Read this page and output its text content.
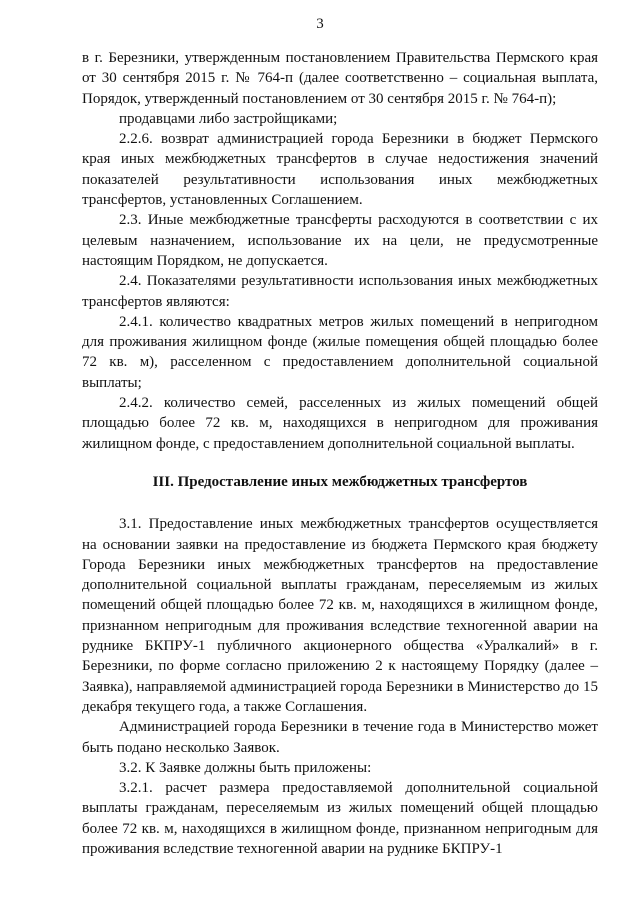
3

в г. Березники, утвержденным постановлением Правительства Пермского края от 30 сентября 2015 г. № 764-п (далее соответственно – социальная выплата, Порядок, утвержденный постановлением от 30 сентября 2015 г. № 764-п);

продавцами либо застройщиками;

2.2.6. возврат администрацией города Березники в бюджет Пермского края иных межбюджетных трансфертов в случае недостижения значений показателей результативности использования иных межбюджетных трансфертов, установленных Соглашением.

2.3. Иные межбюджетные трансферты расходуются в соответствии с их целевым назначением, использование их на цели, не предусмотренные настоящим Порядком, не допускается.

2.4. Показателями результативности использования иных межбюджетных трансфертов являются:

2.4.1. количество квадратных метров жилых помещений в непригодном для проживания жилищном фонде (жилые помещения общей площадью более 72 кв. м), расселенном с предоставлением дополнительной социальной выплаты;

2.4.2. количество семей, расселенных из жилых помещений общей площадью более 72 кв. м, находящихся в непригодном для проживания жилищном фонде, с предоставлением дополнительной социальной выплаты.

III. Предоставление иных межбюджетных трансфертов

3.1. Предоставление иных межбюджетных трансфертов осуществляется на основании заявки на предоставление из бюджета Пермского края бюджету Города Березники иных межбюджетных трансфертов на предоставление дополнительной социальной выплаты гражданам, переселяемым из жилых помещений общей площадью более 72 кв. м, находящихся в жилищном фонде, признанном непригодным для проживания вследствие техногенной аварии на руднике БКПРУ-1 публичного акционерного общества «Уралкалий» в г. Березники, по форме согласно приложению 2 к настоящему Порядку (далее – Заявка), направляемой администрацией города Березники в Министерство до 15 декабря текущего года, а также Соглашения.

Администрацией города Березники в течение года в Министерство может быть подано несколько Заявок.

3.2. К Заявке должны быть приложены:

3.2.1. расчет размера предоставляемой дополнительной социальной выплаты гражданам, переселяемым из жилых помещений общей площадью более 72 кв. м, находящихся в жилищном фонде, признанном непригодным для проживания вследствие техногенной аварии на руднике БКПРУ-1
